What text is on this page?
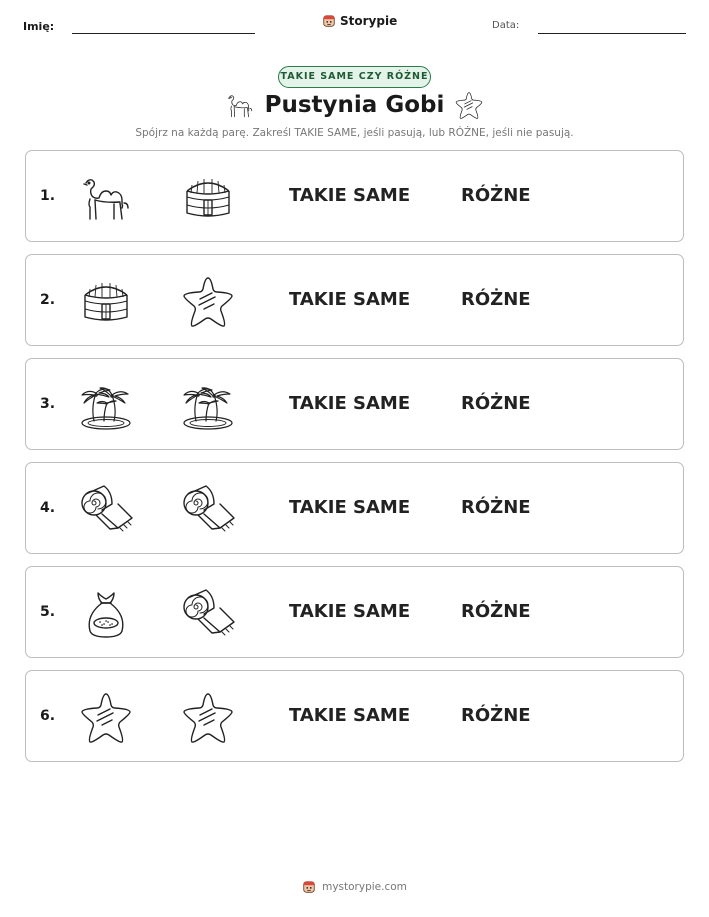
Imię:	Storypie	Data:
TAKIE SAME CZY RÓŻNE
Pustynia Gobi
Spójrz na każdą parę. Zakreśl TAKIE SAME, jeśli pasują, lub RÓŻNE, jeśli nie pasują.
1.	TAKIE SAME	RÓŻNE
2.	TAKIE SAME	RÓŻNE
3.	TAKIE SAME	RÓŻNE
4.	TAKIE SAME	RÓŻNE
5.	TAKIE SAME	RÓŻNE
6.	TAKIE SAME	RÓŻNE
mystorypie.com
